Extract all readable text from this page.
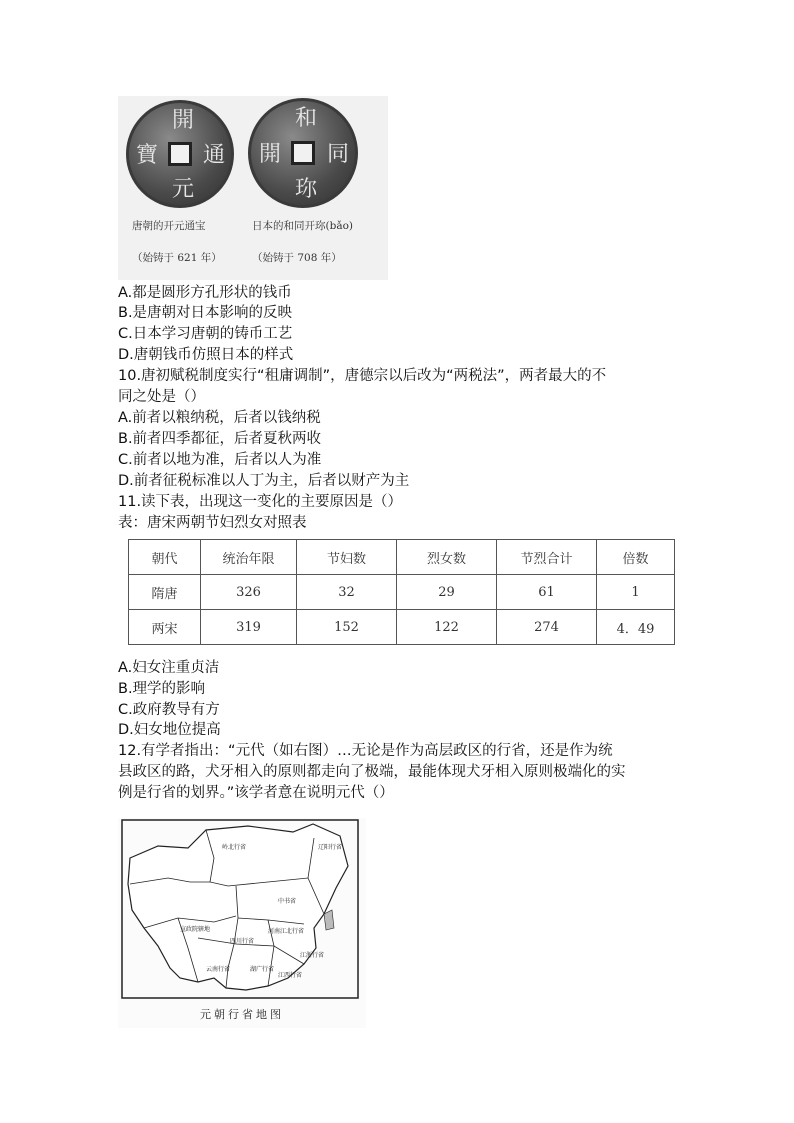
開
寶 通
元
和
開 同
珎
唐朝的开元通宝
（始铸于 621 年）
日本的和同开珎(bǎo)
（始铸于 708 年）
A.都是圆形方孔形状的钱币
B.是唐朝对日本影响的反映
C.日本学习唐朝的铸币工艺
D.唐朝钱币仿照日本的样式
10.唐初赋税制度实行“租庸调制”，唐德宗以后改为“两税法”，两者最大的不
同之处是（）
A.前者以粮纳税，后者以钱纳税
B.前者四季都征，后者夏秋两收
C.前者以地为准，后者以人为准
D.前者征税标准以人丁为主，后者以财产为主
11.读下表，出现这一变化的主要原因是（）
表：唐宋两朝节妇烈女对照表
朝代	统治年限	节妇数	烈女数	节烈合计	倍数
隋唐	326	32	29	61	1
两宋	319	152	122	274	4．49
A.妇女注重贞洁
B.理学的影响
C.政府教导有方
D.妇女地位提高
12.有学者指出：“元代（如右图）…无论是作为高层政区的行省，还是作为统
县政区的路，犬牙相入的原则都走向了极端，最能体现犬牙相入原则极端化的实
例是行省的划界。”该学者意在说明元代（）
岭北行省	辽阳行省
中书省
宣政院辖地	河南江北行省
四川行省
云南行省
江浙行省
湖广行省
江西行省
元朝行省地图
